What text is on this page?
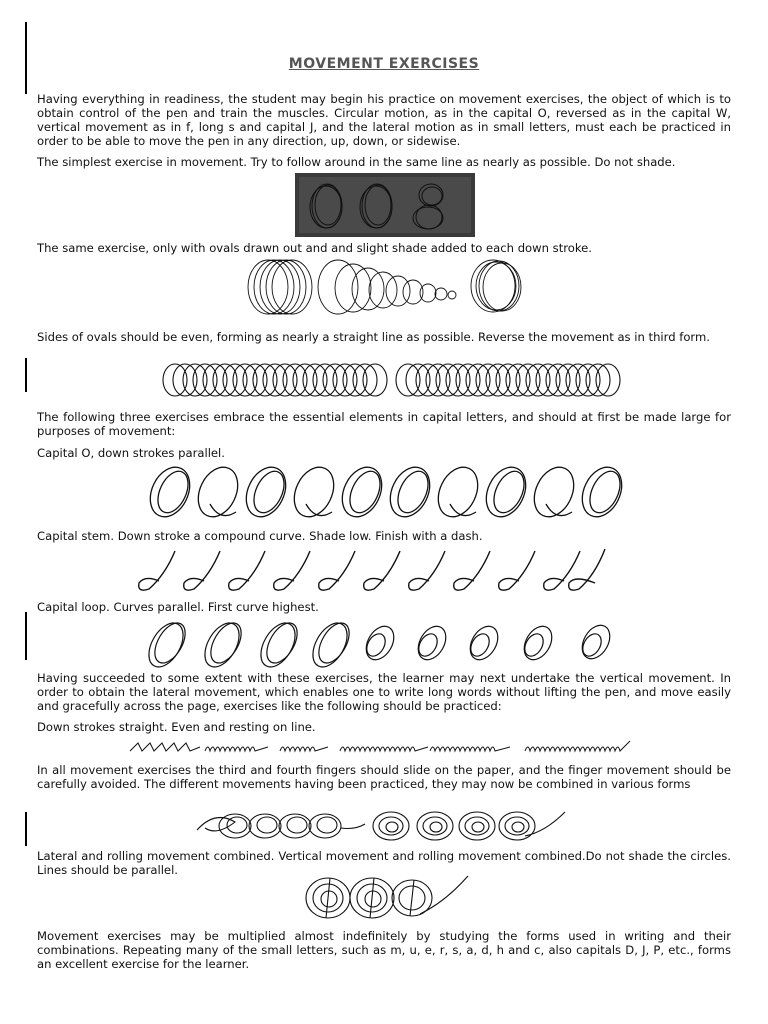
MOVEMENT EXERCISES

Having everything in readiness, the student may begin his practice on movement exercises, the object of which is to obtain control of the pen and train the muscles. Circular motion, as in the capital O, reversed as in the capital W, vertical movement as in f, long s and capital J, and the lateral motion as in small letters, must each be practiced in order to be able to move the pen in any direction, up, down, or sidewise.

The simplest exercise in movement. Try to follow around in the same line as nearly as possible. Do not shade.

The same exercise, only with ovals drawn out and and slight shade added to each down stroke.

Sides of ovals should be even, forming as nearly a straight line as possible. Reverse the movement as in third form.

The following three exercises embrace the essential elements in capital letters, and should at first be made large for purposes of movement:

Capital O, down strokes parallel.

Capital stem. Down stroke a compound curve. Shade low. Finish with a dash.

Capital loop. Curves parallel. First curve highest.

Having succeeded to some extent with these exercises, the learner may next undertake the vertical movement. In order to obtain the lateral movement, which enables one to write long words without lifting the pen, and move easily and gracefully across the page, exercises like the following should be practiced:

Down strokes straight. Even and resting on line.

In all movement exercises the third and fourth fingers should slide on the paper, and the finger movement should be carefully avoided. The different movements having been practiced, they may now be combined in various forms

Lateral and rolling movement combined. Vertical movement and rolling movement combined.Do not shade the circles. Lines should be parallel.

Movement exercises may be multiplied almost indefinitely by studying the forms used in writing and their combinations. Repeating many of the small letters, such as m, u, e, r, s, a, d, h and c, also capitals D, J, P, etc., forms an excellent exercise for the learner.
